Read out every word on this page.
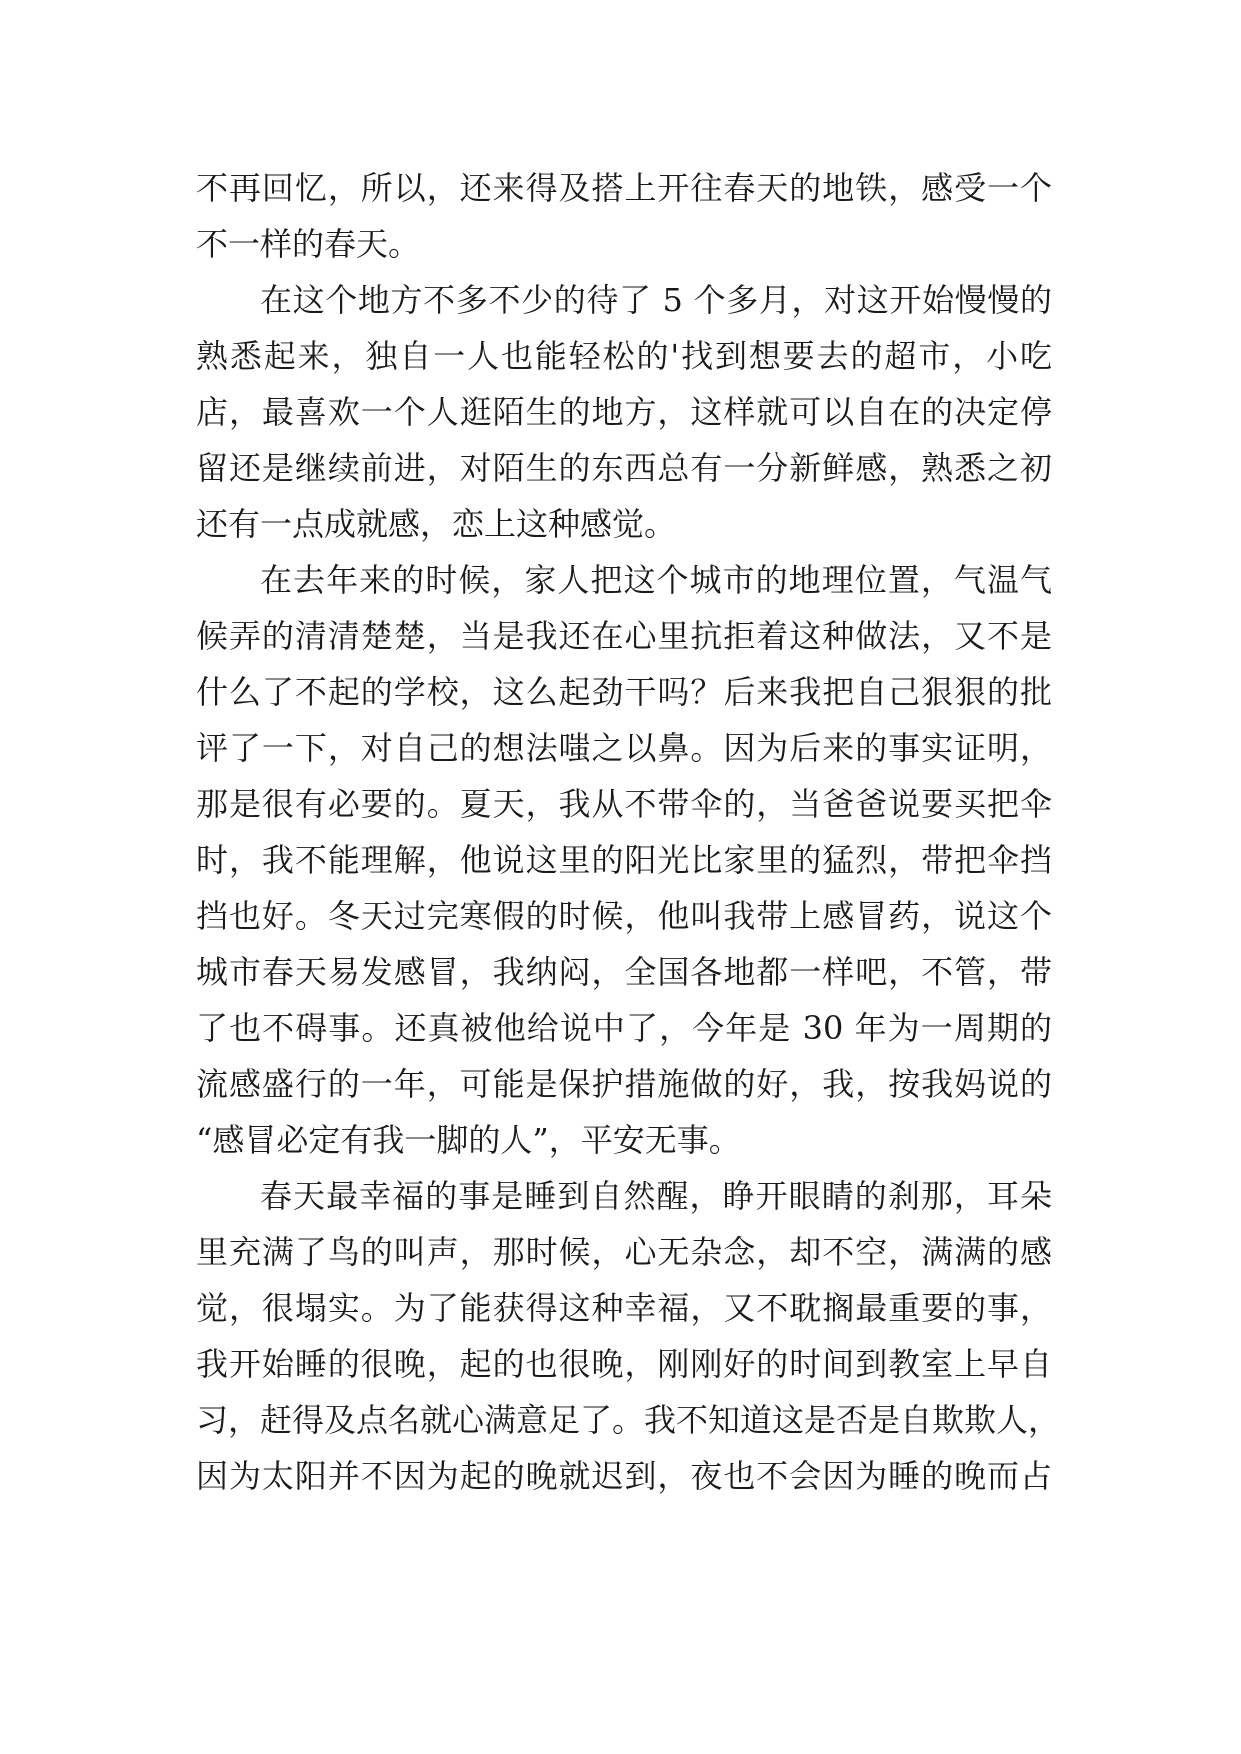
不再回忆，所以，还来得及搭上开往春天的地铁，感受一个
不一样的春天。
在这个地方不多不少的待了 5 个多月，对这开始慢慢的
熟悉起来，独自一人也能轻松的'找到想要去的超市，小吃
店，最喜欢一个人逛陌生的地方，这样就可以自在的决定停
留还是继续前进，对陌生的东西总有一分新鲜感，熟悉之初
还有一点成就感，恋上这种感觉。
在去年来的时候，家人把这个城市的地理位置，气温气
候弄的清清楚楚，当是我还在心里抗拒着这种做法，又不是
什么了不起的学校，这么起劲干吗？后来我把自己狠狠的批
评了一下，对自己的想法嗤之以鼻。因为后来的事实证明，
那是很有必要的。夏天，我从不带伞的，当爸爸说要买把伞
时，我不能理解，他说这里的阳光比家里的猛烈，带把伞挡
挡也好。冬天过完寒假的时候，他叫我带上感冒药，说这个
城市春天易发感冒，我纳闷，全国各地都一样吧，不管，带
了也不碍事。还真被他给说中了，今年是 30 年为一周期的
流感盛行的一年，可能是保护措施做的好，我，按我妈说的
“感冒必定有我一脚的人”，平安无事。
春天最幸福的事是睡到自然醒，睁开眼睛的刹那，耳朵
里充满了鸟的叫声，那时候，心无杂念，却不空，满满的感
觉，很塌实。为了能获得这种幸福，又不耽搁最重要的事，
我开始睡的很晚，起的也很晚，刚刚好的时间到教室上早自
习，赶得及点名就心满意足了。我不知道这是否是自欺欺人，
因为太阳并不因为起的晚就迟到，夜也不会因为睡的晚而占
